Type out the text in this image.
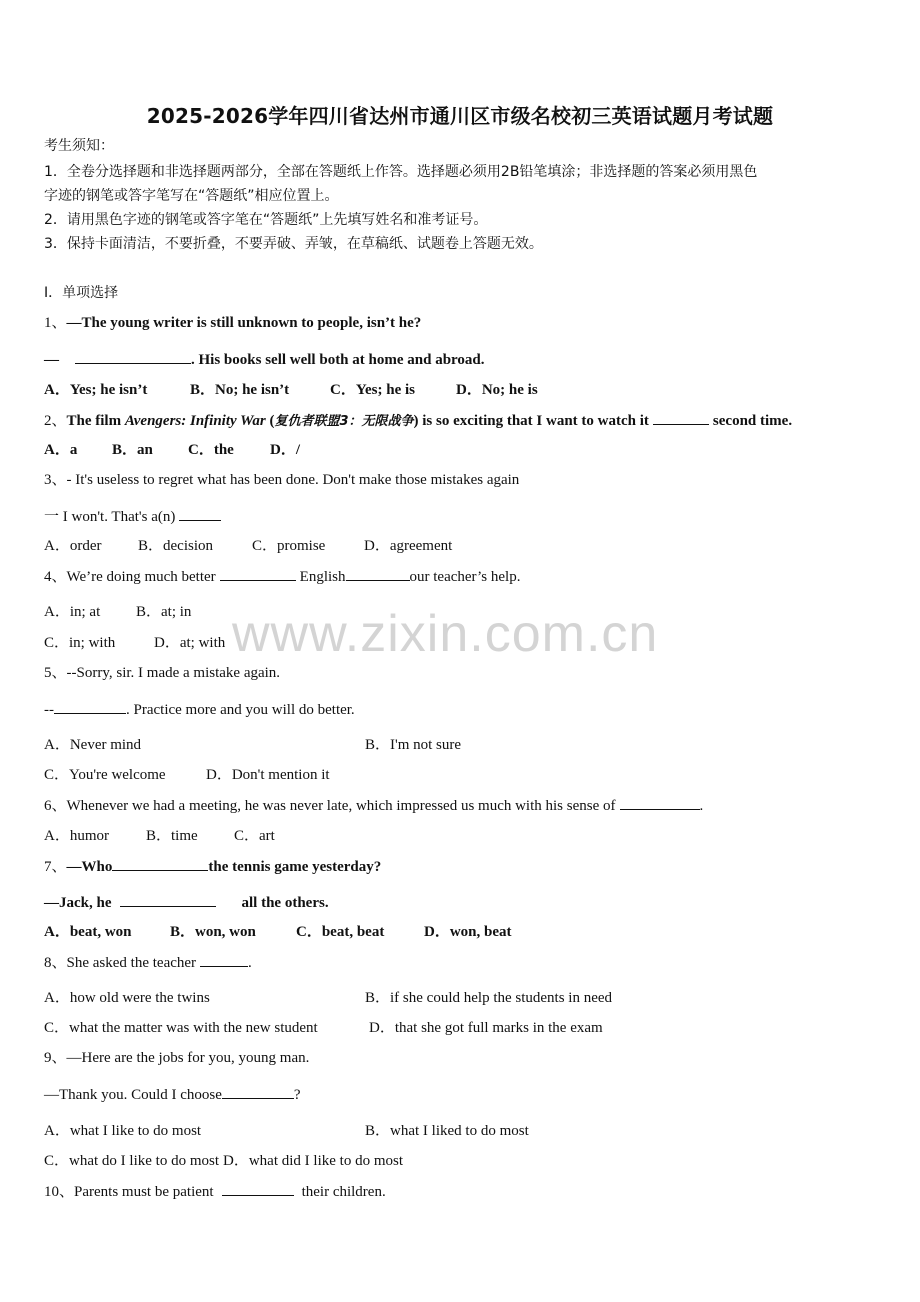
2025-2026学年四川省达州市通川区市级名校初三英语试题月考试题
考生须知：
1．全卷分选择题和非选择题两部分，全部在答题纸上作答。选择题必须用2B铅笔填涂；非选择题的答案必须用黑色
字迹的钢笔或答字笔写在“答题纸”相应位置上。
2．请用黑色字迹的钢笔或答字笔在“答题纸”上先填写姓名和准考证号。
3．保持卡面清洁，不要折叠，不要弄破、弄皱，在草稿纸、试题卷上答题无效。
Ⅰ．单项选择
1、—The young writer is still unknown to people, isn’t he?
—	. His books sell well both at home and abroad.
A．Yes; he isn’t	B．No; he isn’t	C．Yes; he is	D．No; he is
2、The film Avengers: Infinity War (复仇者联盟3：无限战争) is so exciting that I want to watch it	second time.
A．a B．an C．the D．/
3、- It's useless to regret what has been done. Don't make those mistakes again
一 I won't. That's a(n)
A．order B．decision	C．promise	D．agreement
4、We’re doing much better	English	our teacher’s help.
A．in; at B．at; in
C．in; with	D．at; with
5、--Sorry, sir. I made a mistake again.
--	. Practice more and you will do better.
A．Never mind	B．I'm not sure
C．You're welcome	D．Don't mention it
6、Whenever we had a meeting, he was never late, which impressed us much with his sense of	.
A．humor B．time C．art
7、—Who	the tennis game yesterday?
—Jack, he	all the others.
A．beat, won	B．won, won	C．beat, beat	D．won, beat
8、She asked the teacher	.
A．how old were the twins	B．if she could help the students in need
C．what the matter was with the new student	D．that she got full marks in the exam
9、—Here are the jobs for you, young man.
—Thank you. Could I choose	?
A．what I like to do most	B．what I liked to do most
C．what do I like to do most D．what did I like to do most
10、Parents must be patient	their children.
www.zixin.com.cn
